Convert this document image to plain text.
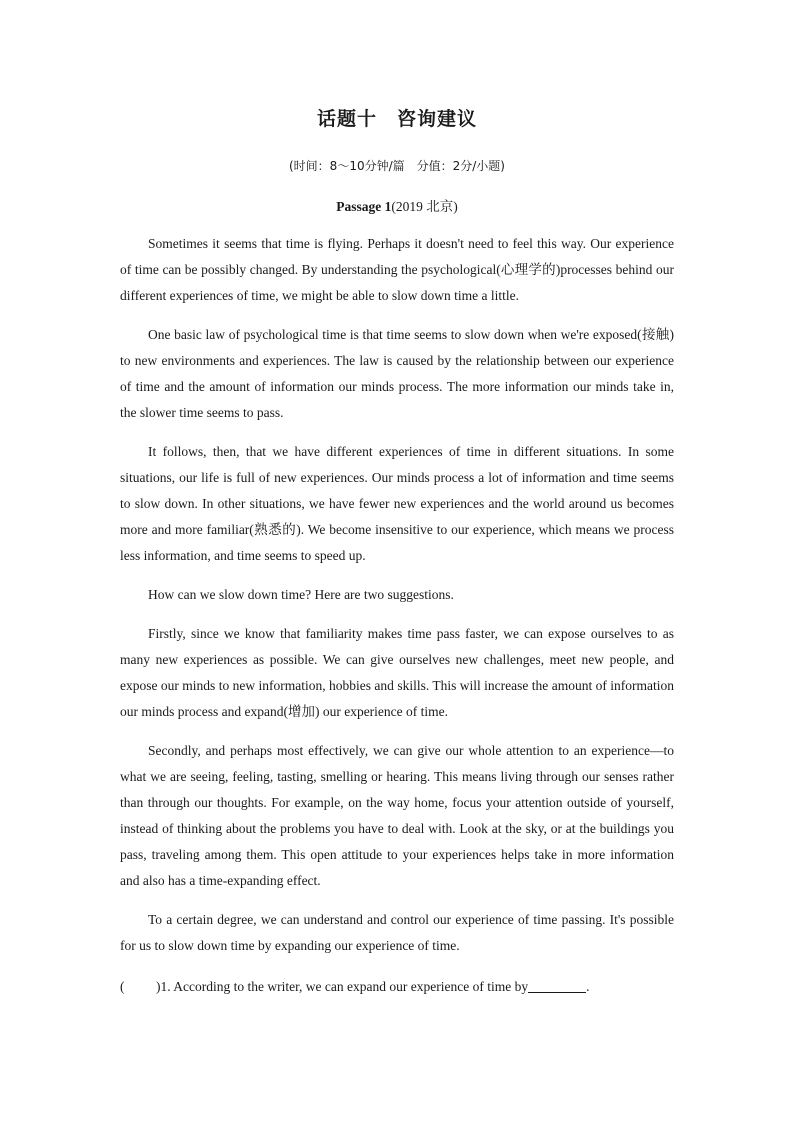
话题十　咨询建议
(时间：8～10分钟/篇　分值：2分/小题)
Passage 1(2019 北京)

Sometimes it seems that time is flying. Perhaps it doesn't need to feel this way. Our experience of time can be possibly changed. By understanding the psychological(心理学的)processes behind our different experiences of time, we might be able to slow down time a little.

One basic law of psychological time is that time seems to slow down when we're exposed(接触) to new environments and experiences. The law is caused by the relationship between our experience of time and the amount of information our minds process. The more information our minds take in, the slower time seems to pass.

It follows, then, that we have different experiences of time in different situations. In some situations, our life is full of new experiences. Our minds process a lot of information and time seems to slow down. In other situations, we have fewer new experiences and the world around us becomes more and more familiar(熟悉的). We become insensitive to our experience, which means we process less information, and time seems to speed up.

How can we slow down time? Here are two suggestions.

Firstly, since we know that familiarity makes time pass faster, we can expose ourselves to as many new experiences as possible. We can give ourselves new challenges, meet new people, and expose our minds to new information, hobbies and skills. This will increase the amount of information our minds process and expand(增加) our experience of time.

Secondly, and perhaps most effectively, we can give our whole attention to an experience—to what we are seeing, feeling, tasting, smelling or hearing. This means living through our senses rather than through our thoughts. For example, on the way home, focus your attention outside of yourself, instead of thinking about the problems you have to deal with. Look at the sky, or at the buildings you pass, traveling among them. This open attitude to your experiences helps take in more information and also has a time-expanding effect.

To a certain degree, we can understand and control our experience of time passing. It's possible for us to slow down time by expanding our experience of time.

( )1. According to the writer, we can expand our experience of time by	.
